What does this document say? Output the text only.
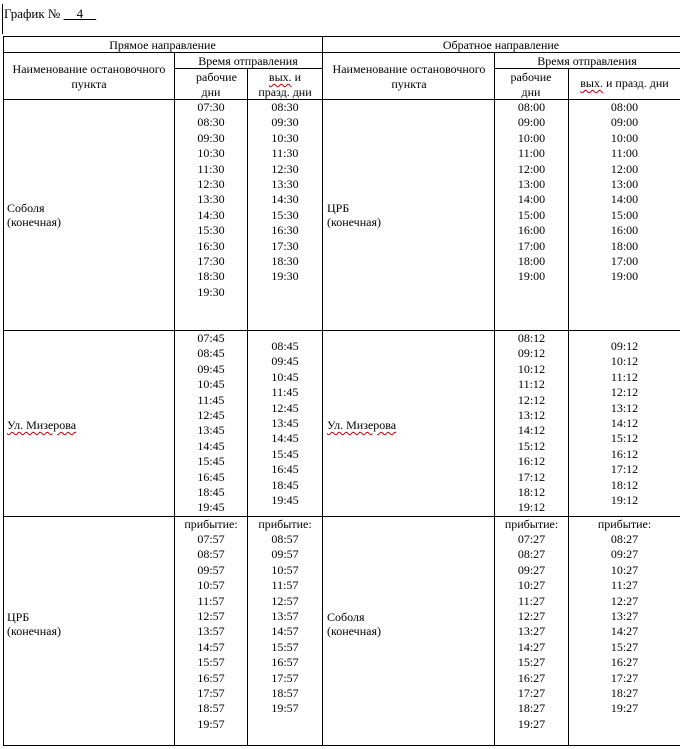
График № __4__
Прямое направление	Обратное направление
Наименование остановочного пункта
Наименование остановочного пункта
Время отправления	Время отправления
рабочие дни
вых. и празд. дни
рабочие дни
вых. и празд. дни
Соболя
(конечная)
07:30
08:30
09:30
10:30
11:30
12:30
13:30
14:30
15:30
16:30
17:30
18:30
19:30
08:30
09:30
10:30
11:30
12:30
13:30
14:30
15:30
16:30
17:30
18:30
19:30
ЦРБ
(конечная)
08:00
09:00
10:00
11:00
12:00
13:00
14:00
15:00
16:00
17:00
18:00
19:00
08:00
09:00
10:00
11:00
12:00
13:00
14:00
15:00
16:00
18:00
17:00
19:00
Ул. Мизерова
07:45
08:45
09:45
10:45
11:45
12:45
13:45
14:45
15:45
16:45
18:45
19:45
08:45
09:45
10:45
11:45
12:45
13:45
14:45
15:45
16:45
18:45
19:45
Ул. Мизерова
08:12
09:12
10:12
11:12
12:12
13:12
14:12
15:12
16:12
17:12
18:12
19:12
09:12
10:12
11:12
12:12
13:12
14:12
15:12
16:12
17:12
18:12
19:12
ЦРБ
(конечная)
прибытие:
07:57
08:57
09:57
10:57
11:57
12:57
13:57
14:57
15:57
16:57
17:57
18:57
19:57
прибытие:
08:57
09:57
10:57
11:57
12:57
13:57
14:57
15:57
16:57
17:57
18:57
19:57
Соболя
(конечная)
прибытие:
07:27
08:27
09:27
10:27
11:27
12:27
13:27
14:27
15:27
16:27
17:27
18:27
19:27
прибытие:
08:27
09:27
10:27
11:27
12:27
13:27
14:27
15:27
16:27
17:27
18:27
19:27
